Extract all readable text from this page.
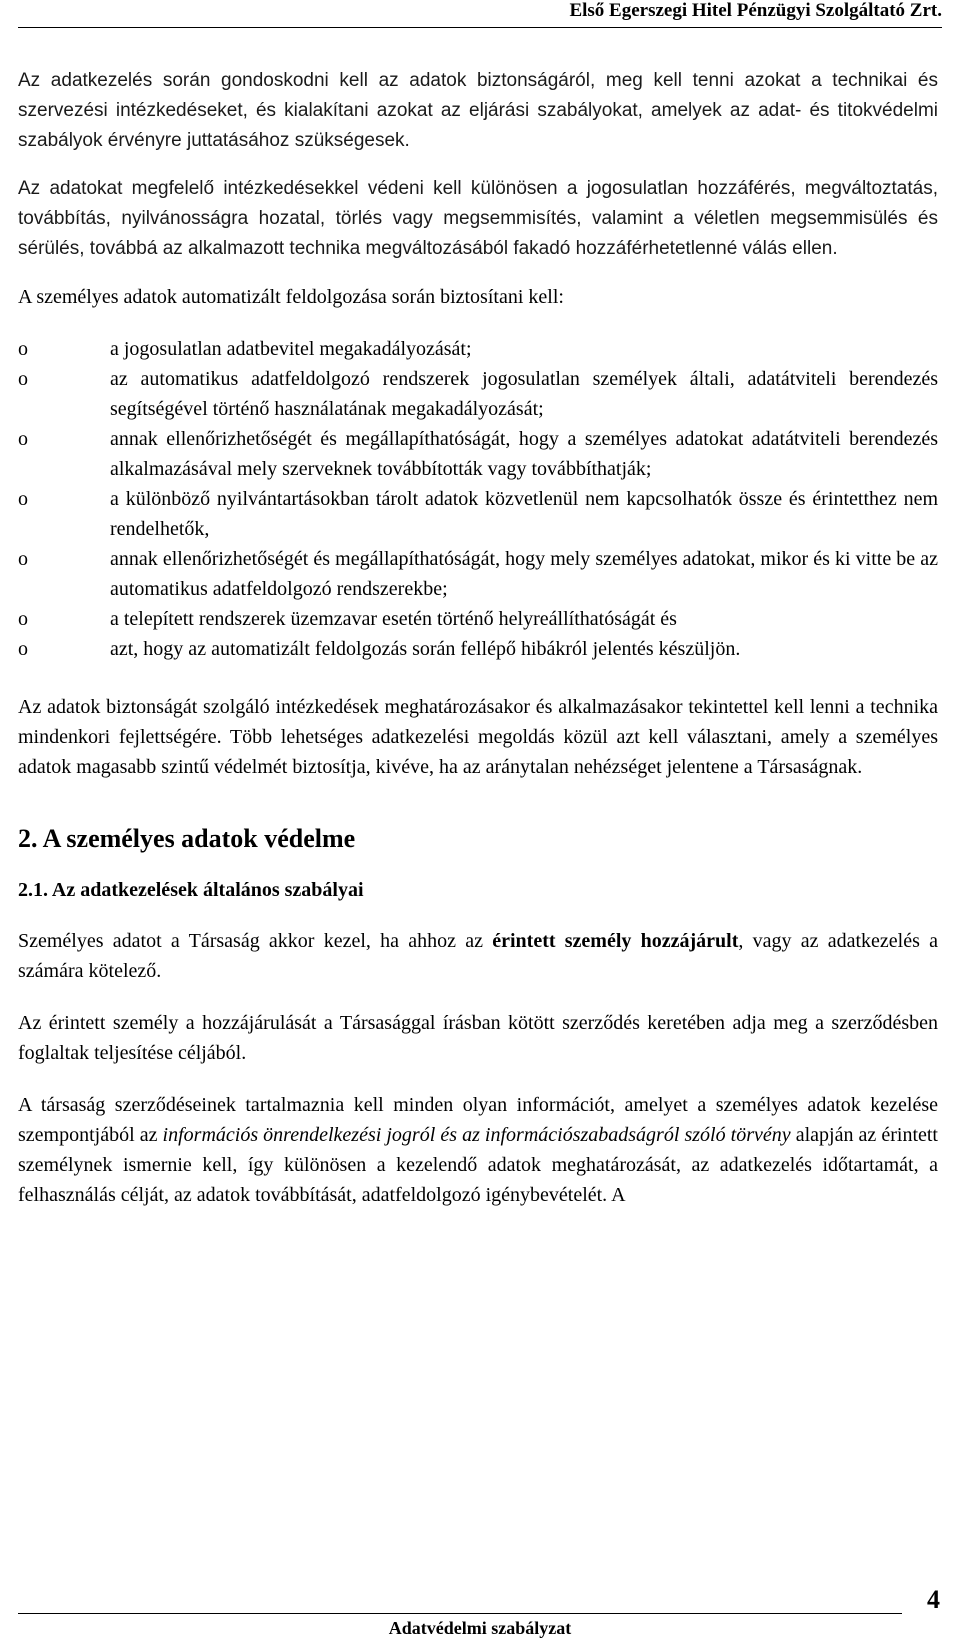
Első Egerszegi Hitel Pénzügyi Szolgáltató Zrt.

Az adatkezelés során gondoskodni kell az adatok biztonságáról, meg kell tenni azokat a technikai és szervezési intézkedéseket, és kialakítani azokat az eljárási szabályokat, amelyek az adat- és titokvédelmi szabályok érvényre juttatásához szükségesek.

Az adatokat megfelelő intézkedésekkel védeni kell különösen a jogosulatlan hozzáférés, megváltoztatás, továbbítás, nyilvánosságra hozatal, törlés vagy megsemmisítés, valamint a véletlen megsemmisülés és sérülés, továbbá az alkalmazott technika megváltozásából fakadó hozzáférhetetlenné válás ellen.

A személyes adatok automatizált feldolgozása során biztosítani kell:

o	a jogosulatlan adatbevitel megakadályozását;
o	az automatikus adatfeldolgozó rendszerek jogosulatlan személyek általi, adatátviteli berendezés segítségével történő használatának megakadályozását;
o	annak ellenőrizhetőségét és megállapíthatóságát, hogy a személyes adatokat adatátviteli berendezés alkalmazásával mely szerveknek továbbították vagy továbbíthatják;
o	a különböző nyilvántartásokban tárolt adatok közvetlenül nem kapcsolhatók össze és érintetthez nem rendelhetők,
o	annak ellenőrizhetőségét és megállapíthatóságát, hogy mely személyes adatokat, mikor és ki vitte be az automatikus adatfeldolgozó rendszerekbe;
o	a telepített rendszerek üzemzavar esetén történő helyreállíthatóságát és
o	azt, hogy az automatizált feldolgozás során fellépő hibákról jelentés készüljön.

Az adatok biztonságát szolgáló intézkedések meghatározásakor és alkalmazásakor tekintettel kell lenni a technika mindenkori fejlettségére. Több lehetséges adatkezelési megoldás közül azt kell választani, amely a személyes adatok magasabb szintű védelmét biztosítja, kivéve, ha az aránytalan nehézséget jelentene a Társaságnak.

2. A személyes adatok védelme
2.1. Az adatkezelések általános szabályai

Személyes adatot a Társaság akkor kezel, ha ahhoz az érintett személy hozzájárult, vagy az adatkezelés a számára kötelező.

Az érintett személy a hozzájárulását a Társasággal írásban kötött szerződés keretében adja meg a szerződésben foglaltak teljesítése céljából.

A társaság szerződéseinek tartalmaznia kell minden olyan információt, amelyet a személyes adatok kezelése szempontjából az információs önrendelkezési jogról és az információszabadságról szóló törvény alapján az érintett személynek ismernie kell, így különösen a kezelendő adatok meghatározását, az adatkezelés időtartamát, a felhasználás célját, az adatok továbbítását, adatfeldolgozó igénybevételét. A

4
Adatvédelmi szabályzat
